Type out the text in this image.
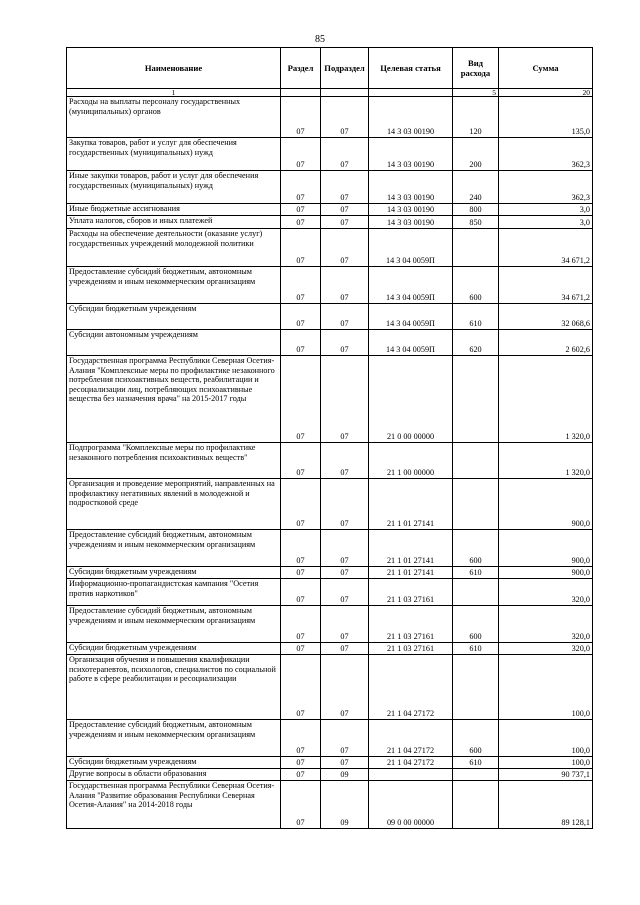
85
Наименование	Раздел	Подраздел	Целевая статья	Вид расхода	Сумма
1				5	20
Расходы на выплаты персоналу государственных (муниципальных) органов	07	07	14 3 03 00190	120	135,0
Закупка товаров, работ и услуг для обеспечения государственных (муниципальных) нужд	07	07	14 3 03 00190	200	362,3
Иные закупки товаров, работ и услуг для обеспечения государственных (муниципальных) нужд	07	07	14 3 03 00190	240	362,3
Иные бюджетные ассигнования	07	07	14 3 03 00190	800	3,0
Уплата налогов, сборов и иных платежей	07	07	14 3 03 00190	850	3,0
Расходы на обеспечение деятельности (оказание услуг) государственных учреждений молодежной политики	07	07	14 3 04 0059П		34 671,2
Предоставление субсидий бюджетным, автономным учреждениям и иным некоммерческим организациям	07	07	14 3 04 0059П	600	34 671,2
Субсидии бюджетным учреждениям	07	07	14 3 04 0059П	610	32 068,6
Субсидии автономным учреждениям	07	07	14 3 04 0059П	620	2 602,6
Государственная программа Республики Северная Осетия-Алания "Комплексные меры по профилактике незаконного потребления психоактивных веществ, реабилитации и ресоциализации лиц, потребляющих психоактивные вещества без назначения врача" на 2015-2017 годы	07	07	21 0 00 00000		1 320,0
Подпрограмма "Комплексные меры по профилактике незаконного потребления психоактивных веществ"	07	07	21 1 00 00000		1 320,0
Организация и проведение мероприятий, направленных на профилактику негативных явлений в молодежной и подростковой среде	07	07	21 1 01 27141		900,0
Предоставление субсидий бюджетным, автономным учреждениям и иным некоммерческим организациям	07	07	21 1 01 27141	600	900,0
Субсидии бюджетным учреждениям	07	07	21 1 01 27141	610	900,0
Информационно-пропагандистская кампания "Осетия против наркотиков"	07	07	21 1 03 27161		320,0
Предоставление субсидий бюджетным, автономным учреждениям и иным некоммерческим организациям	07	07	21 1 03 27161	600	320,0
Субсидии бюджетным учреждениям	07	07	21 1 03 27161	610	320,0
Организация обучения и повышения квалификации психотерапевтов, психологов, специалистов по социальной работе в сфере реабилитации и ресоциализации	07	07	21 1 04 27172		100,0
Предоставление субсидий бюджетным, автономным учреждениям и иным некоммерческим организациям	07	07	21 1 04 27172	600	100,0
Субсидии бюджетным учреждениям	07	07	21 1 04 27172	610	100,0
Другие вопросы в области образования	07	09			90 737,1
Государственная программа Республики Северная Осетия-Алания "Развитие образования Республики Северная Осетия-Алания" на 2014-2018 годы	07	09	09 0 00 00000		89 128,1
